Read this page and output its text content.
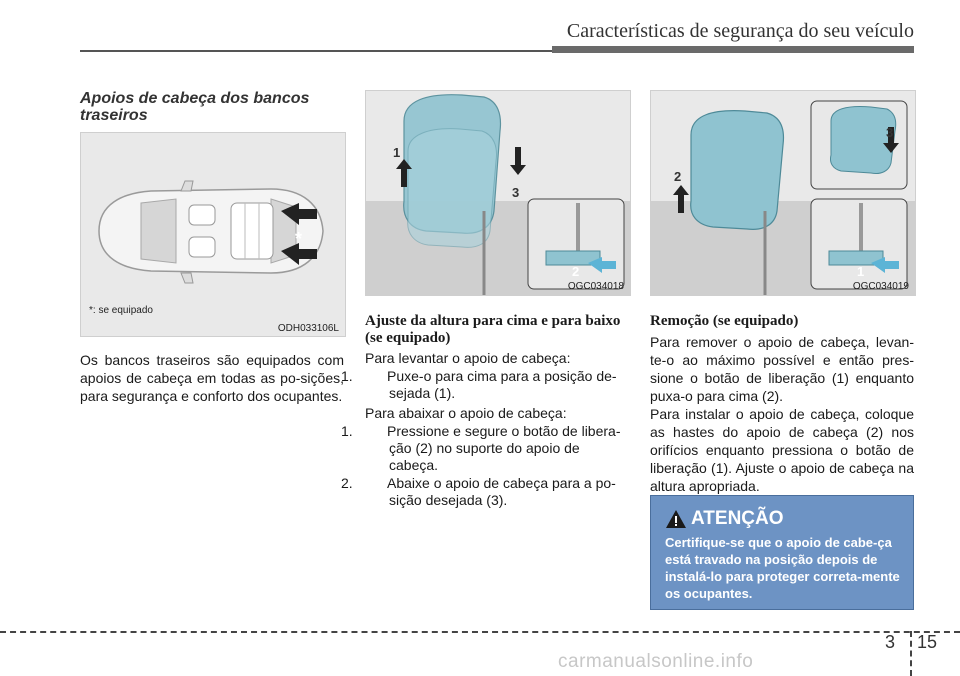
Características de segurança do seu veículo
Apoios de cabeça dos bancos traseiros
*
*: se equipado
ODH033106L
Os bancos traseiros são equipados com apoios de cabeça em todas as po-sições, para segurança e conforto dos ocupantes.
1
3
2
OGC034018
Ajuste da altura para cima e para baixo (se equipado)
Para levantar o apoio de cabeça:
1. Puxe-o para cima para a posição de-sejada (1).
Para abaixar o apoio de cabeça:
1. Pressione e segure o botão de libera-ção (2) no suporte do apoio de cabeça.
2. Abaixe o apoio de cabeça para a po-sição desejada (3).
2
3
1
OGC034019
Remoção (se equipado)
Para remover o apoio de cabeça, levan-te-o ao máximo possível e então pres-sione o botão de liberação (1) enquanto puxa-o para cima (2).
Para instalar o apoio de cabeça, coloque as hastes do apoio de cabeça (2) nos orifícios enquanto pressiona o botão de liberação (1). Ajuste o apoio de cabeça na altura apropriada.
ATENÇÃO
Certifique-se que o apoio de cabe-ça está travado na posição depois de instalá-lo para proteger correta-mente os ocupantes.
3 15
carmanualsonline.info
